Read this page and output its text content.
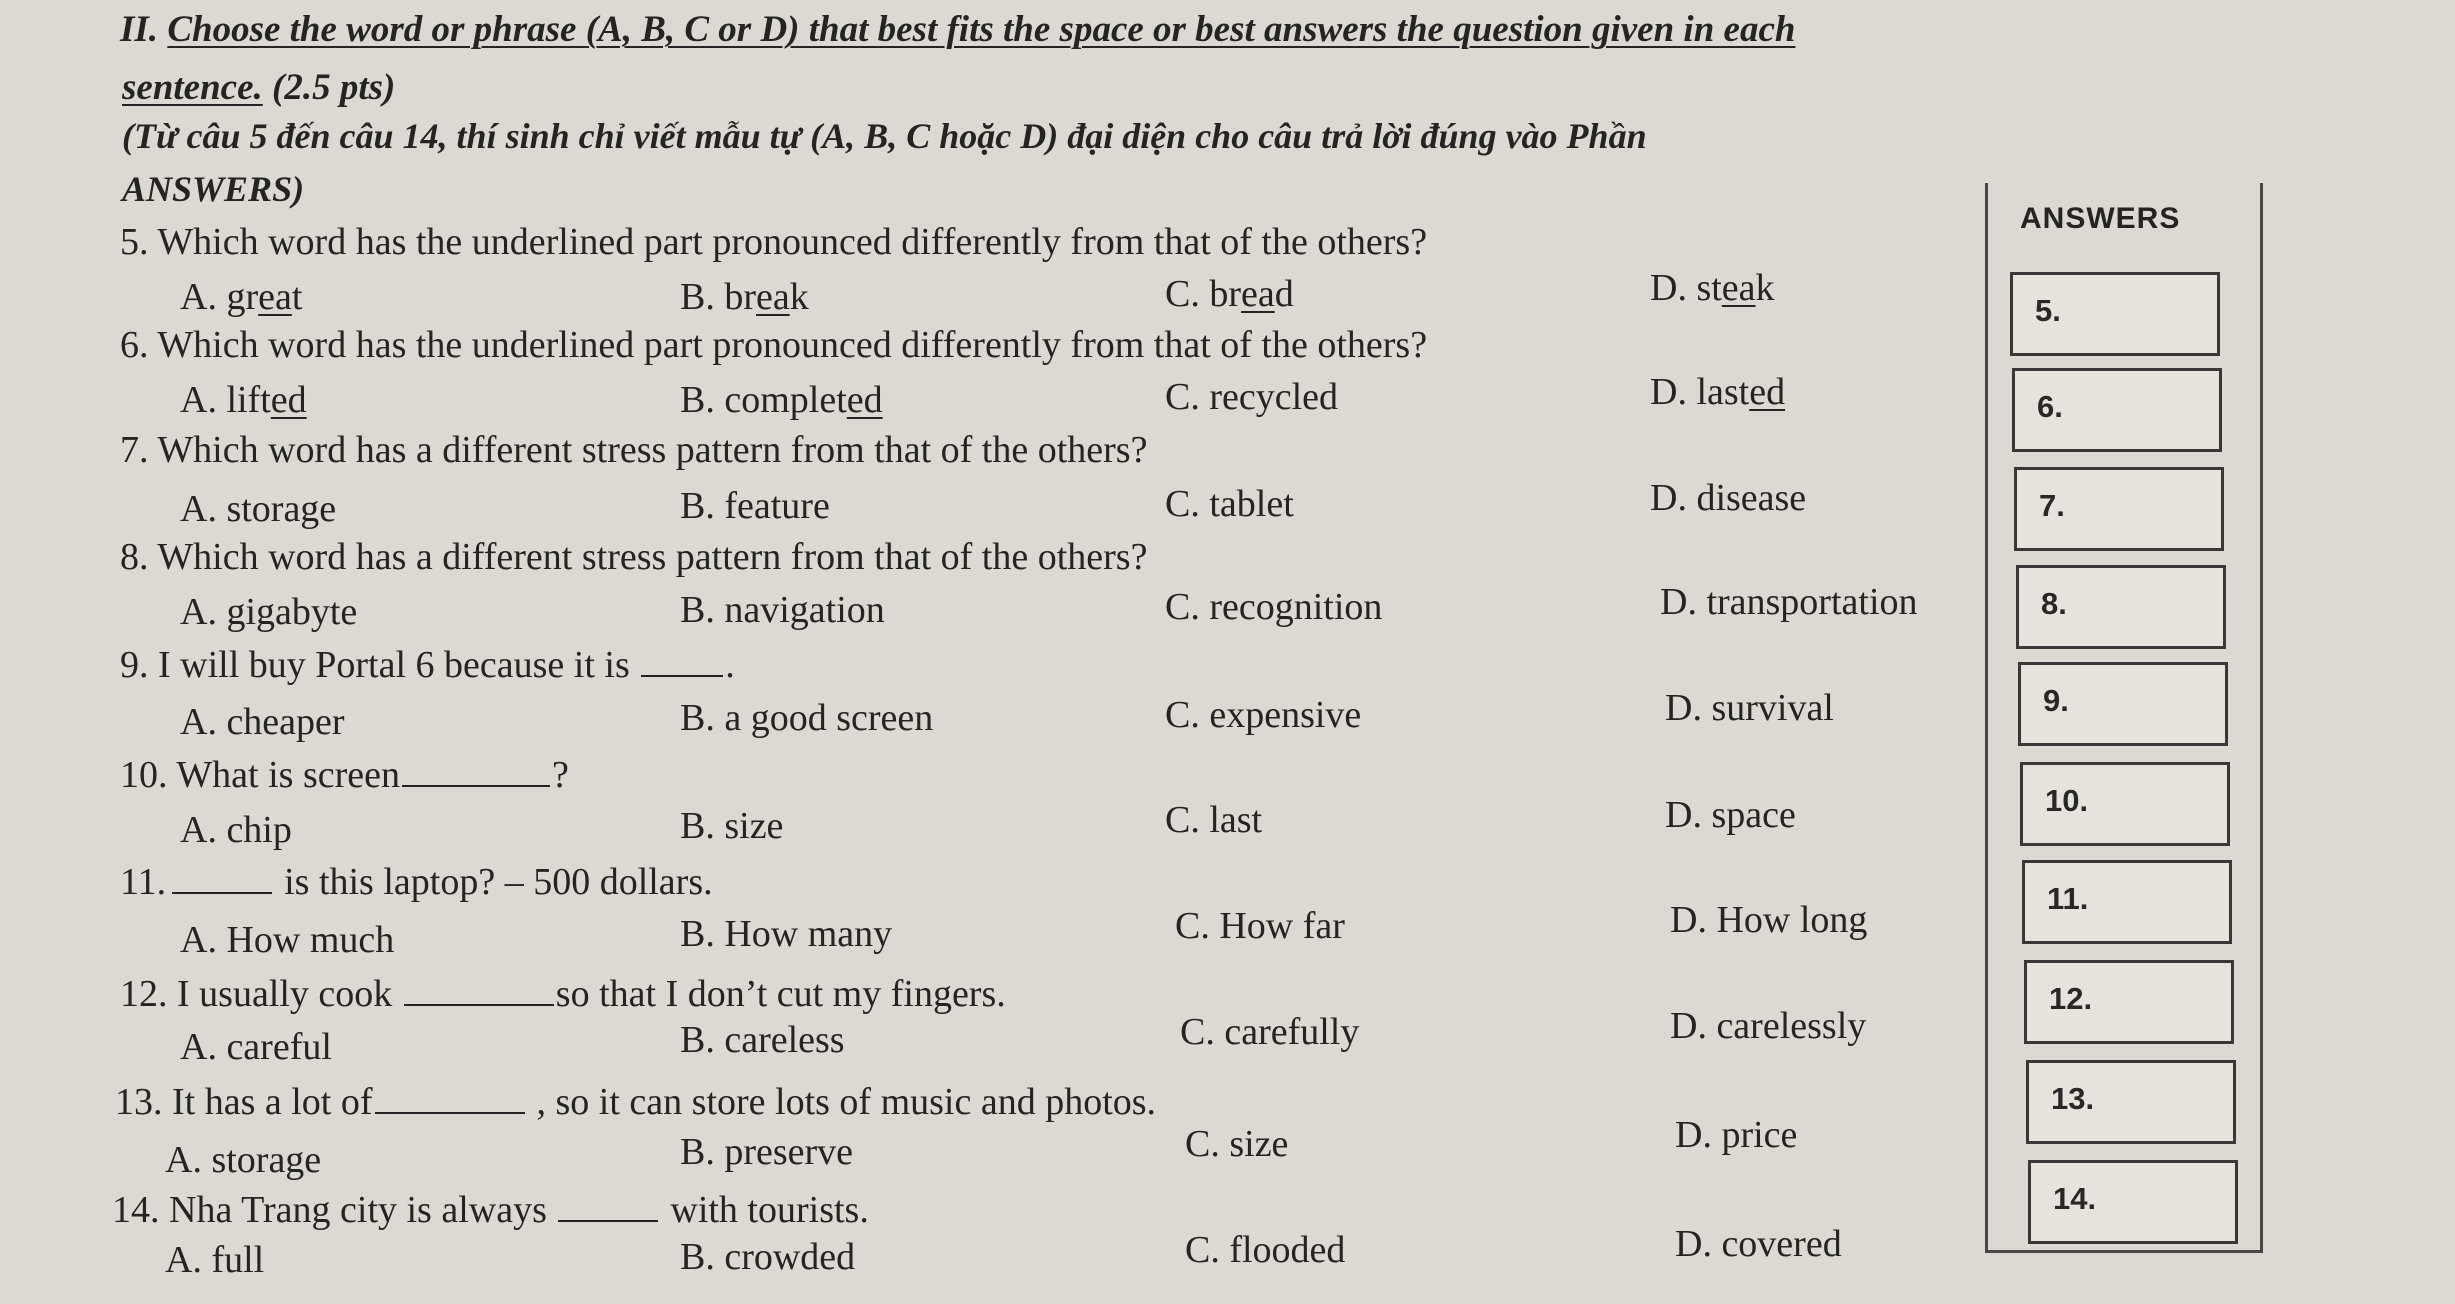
II. Choose the word or phrase (A, B, C or D) that best fits the space or best answers the question given in each
sentence. (2.5 pts)
(Từ câu 5 đến câu 14, thí sinh chỉ viết mẫu tự (A, B, C hoặc D) đại diện cho câu trả lời đúng vào Phần
ANSWERS)
ANSWERS
5.
6.
7.
8.
9.
10.
11.
12.
13.
14.
5. Which word has the underlined part pronounced differently from that of the others?
A. great	B. break	C. bread	D. steak
6. Which word has the underlined part pronounced differently from that of the others?
A. lifted	B. completed	C. recycled	D. lasted
7. Which word has a different stress pattern from that of the others?
A. storage	B. feature	C. tablet	D. disease
8. Which word has a different stress pattern from that of the others?
A. gigabyte	B. navigation	C. recognition	D. transportation
9. I will buy Portal 6 because it is	.
A. cheaper	B. a good screen	C. expensive	D. survival
10. What is screen	?
A. chip	B. size	C. last	D. space
11.	is this laptop? – 500 dollars.
A. How much	B. How many	C. How far	D. How long
12. I usually cook	so that I don’t cut my fingers.
A. careful	B. careless	C. carefully	D. carelessly
13. It has a lot of	, so it can store lots of music and photos.
A. storage	B. preserve	C. size	D. price
14. Nha Trang city is always	with tourists.
A. full	B. crowded	C. flooded	D. covered
